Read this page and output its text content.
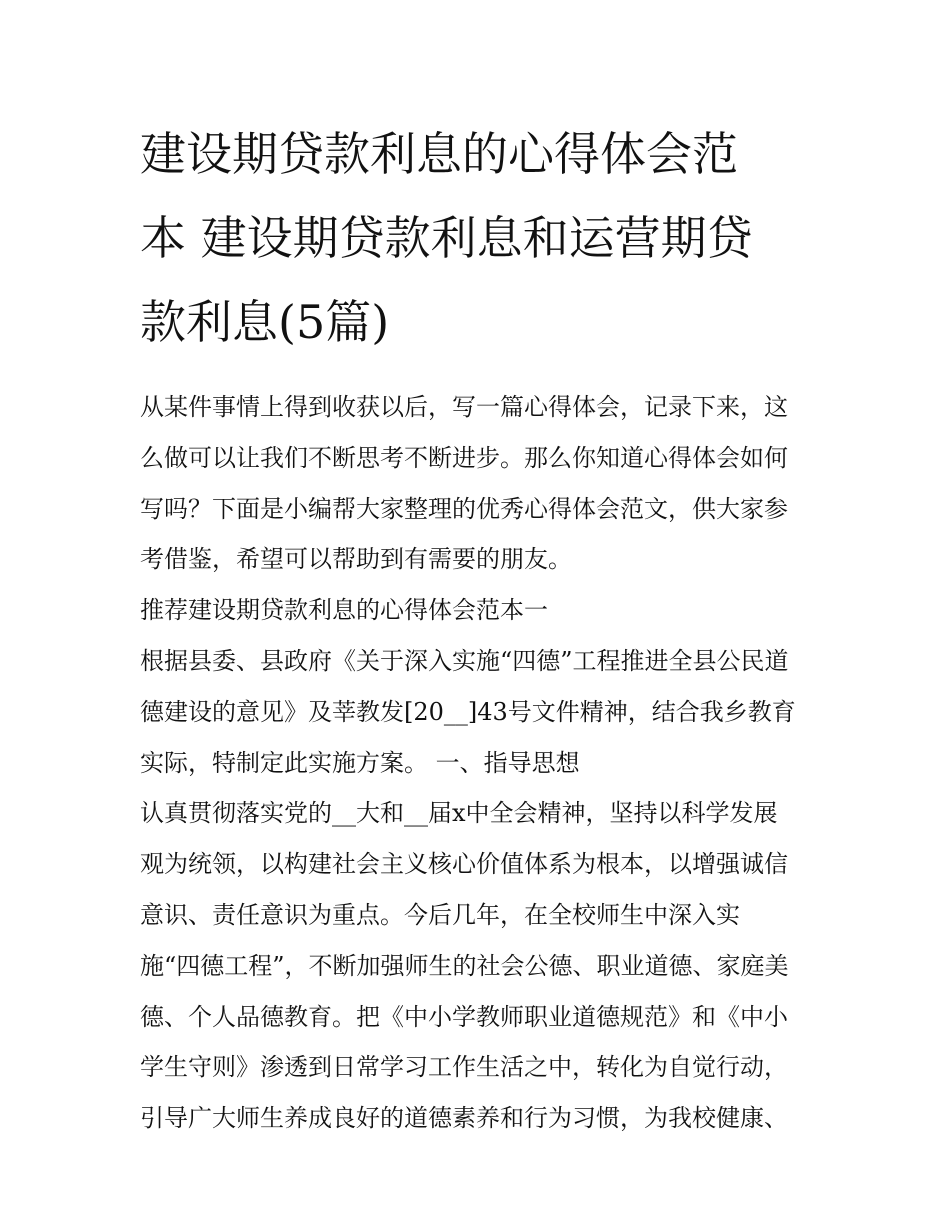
建设期贷款利息的心得体会范
本 建设期贷款利息和运营期贷
款利息(5篇)
从某件事情上得到收获以后，写一篇心得体会，记录下来，这
么做可以让我们不断思考不断进步。那么你知道心得体会如何
写吗？下面是小编帮大家整理的优秀心得体会范文，供大家参
考借鉴，希望可以帮助到有需要的朋友。
推荐建设期贷款利息的心得体会范本一
根据县委、县政府《关于深入实施“四德”工程推进全县公民道
德建设的意见》及莘教发[20__]43号文件精神，结合我乡教育
实际，特制定此实施方案。 一、指导思想
认真贯彻落实党的__大和__届x中全会精神，坚持以科学发展
观为统领，以构建社会主义核心价值体系为根本，以增强诚信
意识、责任意识为重点。今后几年，在全校师生中深入实
施“四德工程”，不断加强师生的社会公德、职业道德、家庭美
德、个人品德教育。把《中小学教师职业道德规范》和《中小
学生守则》渗透到日常学习工作生活之中，转化为自觉行动，
引导广大师生养成良好的道德素养和行为习惯，为我校健康、
